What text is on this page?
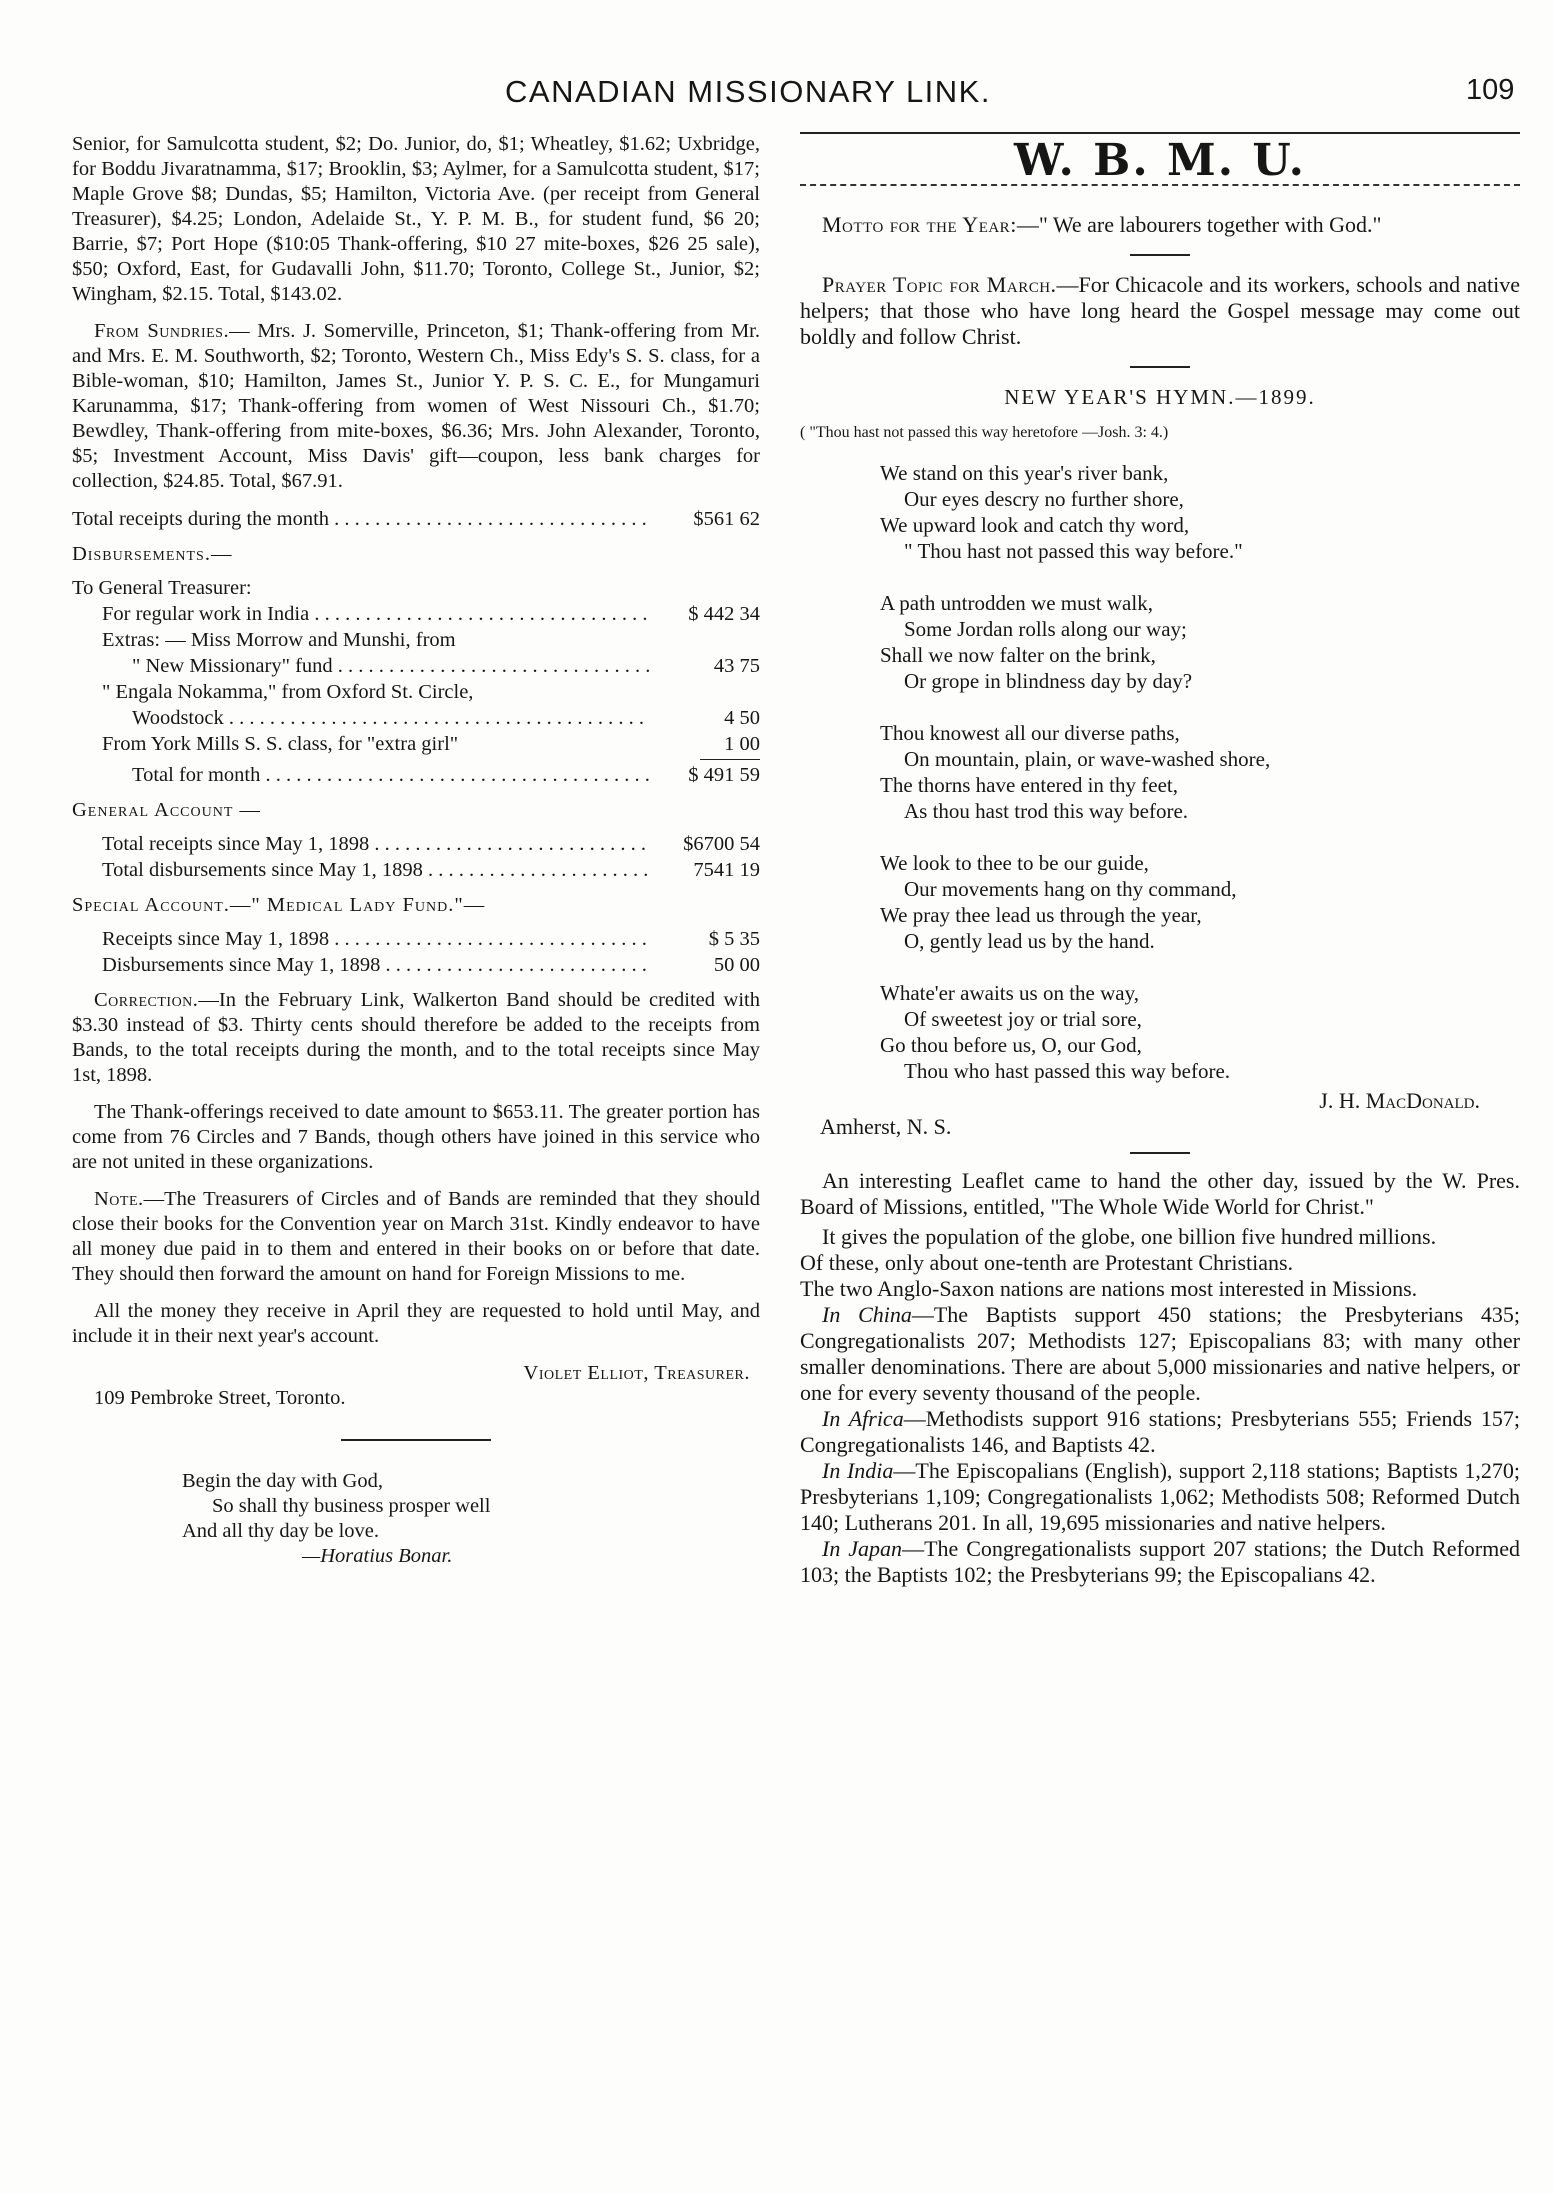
CANADIAN MISSIONARY LINK.	109

Senior, for Samulcotta student, $2; Do. Junior, do, $1; Wheatley, $1.62; Uxbridge, for Boddu Jivaratnamma, $17; Brooklin, $3; Aylmer, for a Samulcotta student, $17; Maple Grove $8; Dundas, $5; Hamilton, Victoria Ave. (per receipt from General Treasurer), $4.25; London, Adelaide St., Y. P. M. B., for student fund, $6 20; Barrie, $7; Port Hope ($10:05 Thank-offering, $10 27 mite-boxes, $26 25 sale), $50; Oxford, East, for Gudavalli John, $11.70; Toronto, College St., Junior, $2; Wingham, $2.15. Total, $143.02.

From Sundries.— Mrs. J. Somerville, Princeton, $1; Thank-offering from Mr. and Mrs. E. M. Southworth, $2; Toronto, Western Ch., Miss Edy's S. S. class, for a Bible-woman, $10; Hamilton, James St., Junior Y. P. S. C. E., for Mungamuri Karunamma, $17; Thank-offering from women of West Nissouri Ch., $1.70; Bewdley, Thank-offering from mite-boxes, $6.36; Mrs. John Alexander, Toronto, $5; Investment Account, Miss Davis' gift—coupon, less bank charges for collection, $24.85. Total, $67.91.

Total receipts during the month . . .	$561 62
Disbursements.—
To General Treasurer:
For regular work in India . . .	$ 442 34
Extras: — Miss Morrow and Munshi, from
" New Missionary" fund . . .	43 75
" Engala Nokamma," from Oxford St. Circle,
Woodstock . . .	4 50
From York Mills S. S. class, for "extra girl"	1 00
Total for month . . .	$ 491 59
General Account —
Total receipts since May 1, 1898 . . .	$6700 54
Total disbursements since May 1, 1898 . . .	7541 19
Special Account.—" Medical Lady Fund."—
Receipts since May 1, 1898 . . .	$ 5 35
Disbursements since May 1, 1898 . . .	50 00

Correction.—In the February Link, Walkerton Band should be credited with $3.30 instead of $3. Thirty cents should therefore be added to the receipts from Bands, to the total receipts during the month, and to the total receipts since May 1st, 1898.

The Thank-offerings received to date amount to $653.11. The greater portion has come from 76 Circles and 7 Bands, though others have joined in this service who are not united in these organizations.

Note.—The Treasurers of Circles and of Bands are reminded that they should close their books for the Convention year on March 31st. Kindly endeavor to have all money due paid in to them and entered in their books on or before that date. They should then forward the amount on hand for Foreign Missions to me.

All the money they receive in April they are requested to hold until May, and include it in their next year's account.

Violet Elliot, Treasurer.

109 Pembroke Street, Toronto.

Begin the day with God,
So shall thy business prosper well
And all thy day be love.
—Horatius Bonar.
W. B. M. U.

Motto for the Year:—" We are labourers together with God."

Prayer Topic for March.—For Chicacole and its workers, schools and native helpers; that those who have long heard the Gospel message may come out boldly and follow Christ.

NEW YEAR'S HYMN.—1899.
( "Thou hast not passed this way heretofore —Josh. 3: 4.)
We stand on this year's river bank,
Our eyes descry no further shore,
We upward look and catch thy word,
" Thou hast not passed this way before."
A path untrodden we must walk,
Some Jordan rolls along our way;
Shall we now falter on the brink,
Or grope in blindness day by day?
Thou knowest all our diverse paths,
On mountain, plain, or wave-washed shore,
The thorns have entered in thy feet,
As thou hast trod this way before.
We look to thee to be our guide,
Our movements hang on thy command,
We pray thee lead us through the year,
O, gently lead us by the hand.
Whate'er awaits us on the way,
Of sweetest joy or trial sore,
Go thou before us, O, our God,
Thou who hast passed this way before.
J. H. MacDonald.
Amherst, N. S.

An interesting Leaflet came to hand the other day, issued by the W. Pres. Board of Missions, entitled, "The Whole Wide World for Christ."

It gives the population of the globe, one billion five hundred millions.

Of these, only about one-tenth are Protestant Christians.

The two Anglo-Saxon nations are nations most interested in Missions.

In China—The Baptists support 450 stations; the Presbyterians 435; Congregationalists 207; Methodists 127; Episcopalians 83; with many other smaller denominations. There are about 5,000 missionaries and native helpers, or one for every seventy thousand of the people.

In Africa—Methodists support 916 stations; Presbyterians 555; Friends 157; Congregationalists 146, and Baptists 42.

In India—The Episcopalians (English), support 2,118 stations; Baptists 1,270; Presbyterians 1,109; Congregationalists 1,062; Methodists 508; Reformed Dutch 140; Lutherans 201. In all, 19,695 missionaries and native helpers.

In Japan—The Congregationalists support 207 stations; the Dutch Reformed 103; the Baptists 102; the Presbyterians 99; the Episcopalians 42.
